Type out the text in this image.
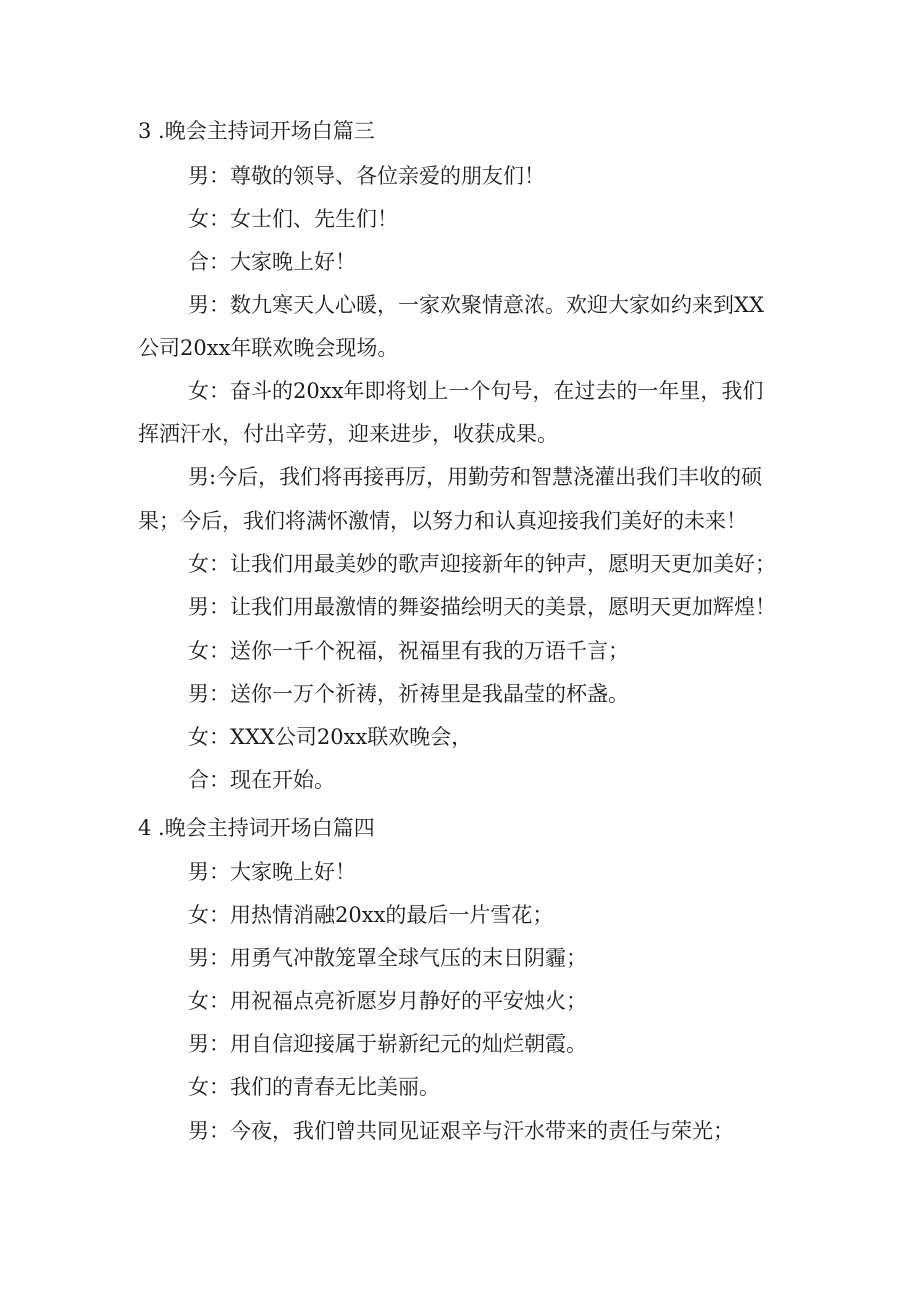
3 .晚会主持词开场白篇三
男：尊敬的领导、各位亲爱的朋友们！
女：女士们、先生们！
合：大家晚上好！
男：数九寒天人心暖，一家欢聚情意浓。欢迎大家如约来到XX
公司20xx年联欢晚会现场。
女：奋斗的20xx年即将划上一个句号，在过去的一年里，我们
挥洒汗水，付出辛劳，迎来进步，收获成果。
男:今后，我们将再接再厉，用勤劳和智慧浇灌出我们丰收的硕
果；今后，我们将满怀激情，以努力和认真迎接我们美好的未来！
女：让我们用最美妙的歌声迎接新年的钟声，愿明天更加美好；
男：让我们用最激情的舞姿描绘明天的美景，愿明天更加辉煌！
女：送你一千个祝福，祝福里有我的万语千言；
男：送你一万个祈祷，祈祷里是我晶莹的杯盏。
女：XXX公司20xx联欢晚会，
合：现在开始。
4 .晚会主持词开场白篇四
男：大家晚上好！
女：用热情消融20xx的最后一片雪花；
男：用勇气冲散笼罩全球气压的末日阴霾；
女：用祝福点亮祈愿岁月静好的平安烛火；
男：用自信迎接属于崭新纪元的灿烂朝霞。
女：我们的青春无比美丽。
男：今夜，我们曾共同见证艰辛与汗水带来的责任与荣光；
